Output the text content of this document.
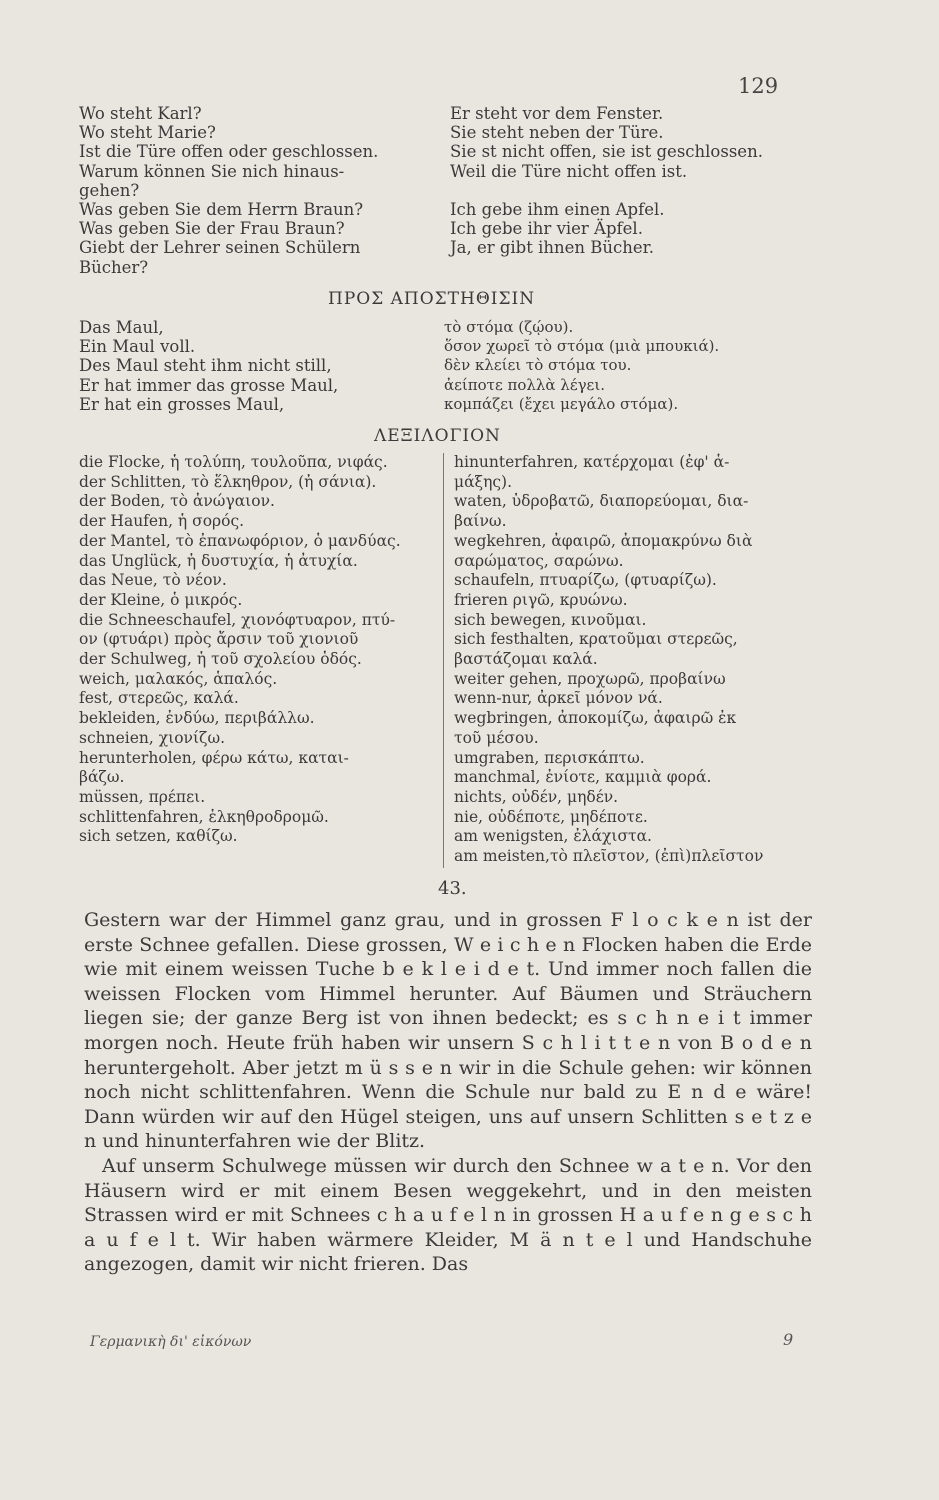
129
Wo steht Karl?	Er steht vor dem Fenster.
Wo steht Marie?	Sie steht neben der Türe.
Ist die Türe offen oder geschlossen.	Sie st nicht offen, sie ist geschlossen.
Warum können Sie nich hinaus-	Weil die Türe nicht offen ist.
gehen?
Was geben Sie dem Herrn Braun?	Ich gebe ihm einen Apfel.
Was geben Sie der Frau Braun?	Ich gebe ihr vier Äpfel.
Giebt der Lehrer seinen Schülern	Ja, er gibt ihnen Bücher.
Bücher?
ΠΡΟΣ ΑΠΟΣΤΗΘΙΣΙΝ
Das Maul,	τὸ στόμα (ζῴου).
Ein Maul voll.	ὅσον χωρεῖ τὸ στόμα (μιὰ μπουκιά).
Des Maul steht ihm nicht still,	δὲν κλείει τὸ στόμα του.
Er hat immer das grosse Maul,	ἀείποτε πολλὰ λέγει.
Er hat ein grosses Maul,	κομπάζει (ἔχει μεγάλο στόμα).
ΛΕΞΙΛΟΓΙΟΝ
die Flocke, ἡ τολύπη, τουλοῦπα, νιφάς.
der Schlitten, τὸ ἕλκηθρον, (ἡ σάνια).
der Boden, τὸ ἀνώγαιον.
der Haufen, ἡ σορός.
der Mantel, τὸ ἐπανωφόριον, ὁ μανδύας.
das Unglück, ἡ δυστυχία, ἡ ἀτυχία.
das Neue, τὸ νέον.
der Kleine, ὁ μικρός.
die Schneeschaufel, χιονόφτυαρον, πτύ-
ον (φτυάρι) πρὸς ἄρσιν τοῦ χιονιοῦ
der Schulweg, ἡ τοῦ σχολείου ὁδός.
weich, μαλακός, ἁπαλός.
fest, στερεῶς, καλά.
bekleiden, ἐνδύω, περιβάλλω.
schneien, χιονίζω.
herunterholen, φέρω κάτω, καται-
βάζω.
müssen, πρέπει.
schlittenfahren, ἑλκηθροδρομῶ.
sich setzen, καθίζω.
hinunterfahren, κατέρχομαι (ἐφ' ἁ-
μάξης).
waten, ὑδροβατῶ, διαπορεύομαι, δια-
βαίνω.
wegkehren, ἀφαιρῶ, ἀπομακρύνω διὰ
σαρώματος, σαρώνω.
schaufeln, πτυαρίζω, (φτυαρίζω).
frieren ριγῶ, κρυώνω.
sich bewegen, κινοῦμαι.
sich festhalten, κρατοῦμαι στερεῶς,
βαστάζομαι καλά.
weiter gehen, προχωρῶ, προβαίνω
wenn-nur, ἀρκεῖ μόνον νά.
wegbringen, ἀποκομίζω, ἀφαιρῶ ἐκ
τοῦ μέσου.
umgraben, περισκάπτω.
manchmal, ἐνίοτε, καμμιὰ φορά.
nichts, οὐδέν, μηδέν.
nie, οὐδέποτε, μηδέποτε.
am wenigsten, ἐλάχιστα.
am meisten,τὸ πλεῖστον, (ἐπὶ)πλεῖστον
43.

Gestern war der Himmel ganz grau, und in grossen F l o c k e n ist der erste Schnee gefallen. Diese grossen, W e i c h e n Flocken haben die Erde wie mit einem weissen Tuche b e k l e i d e t. Und immer noch fallen die weissen Flocken vom Himmel herunter. Auf Bäumen und Sträuchern liegen sie; der ganze Berg ist von ihnen bedeckt; es s c h n e i t immer morgen noch. Heute früh haben wir unsern S c h l i t t e n von B o d e n heruntergeholt. Aber jetzt m ü s s e n wir in die Schule gehen: wir können noch nicht schlittenfahren. Wenn die Schule nur bald zu E n d e wäre! Dann würden wir auf den Hügel steigen, uns auf unsern Schlitten s e t z e n und hinunterfahren wie der Blitz.

Auf unserm Schulwege müssen wir durch den Schnee w a t e n. Vor den Häusern wird er mit einem Besen weggekehrt, und in den meisten Strassen wird er mit Schnees c h a u f e l n in grossen H a u f e n g e s c h a u f e l t. Wir haben wärmere Kleider, M ä n t e l und Handschuhe angezogen, damit wir nicht frieren. Das

Γερμανικὴ δι' εἰκόνων	9
